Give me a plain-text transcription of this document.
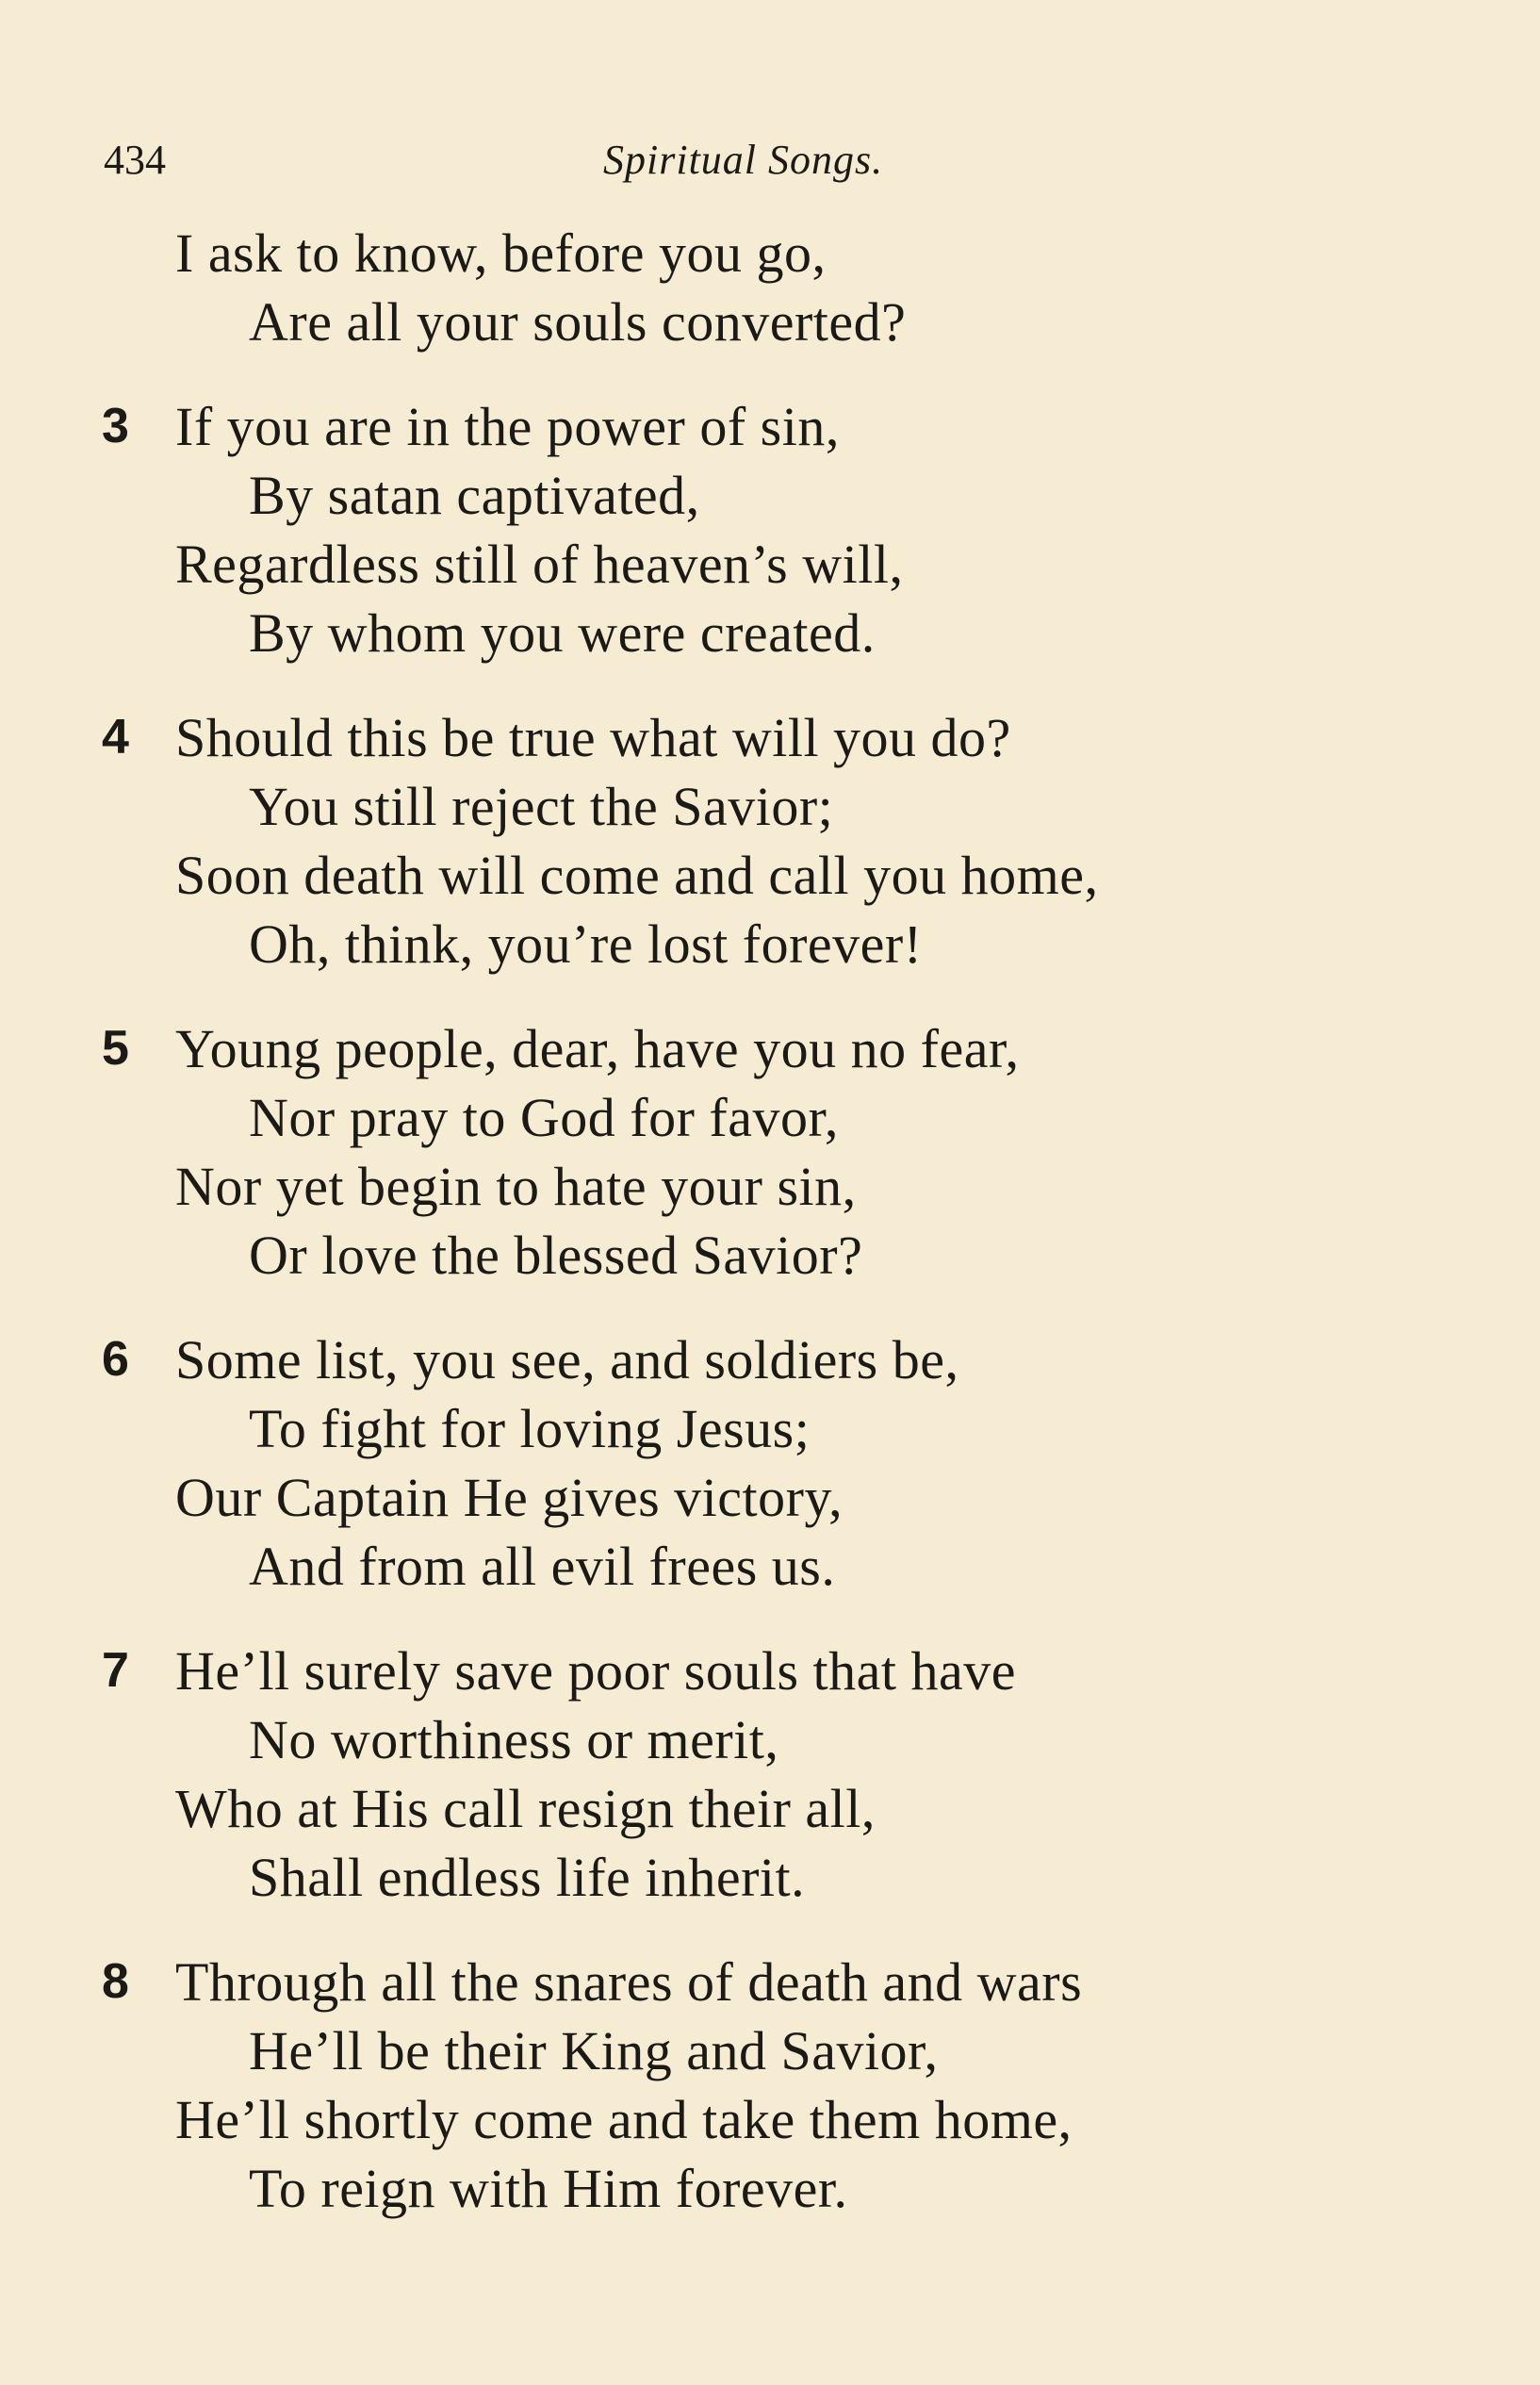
434	Spiritual Songs.
I ask to know, before you go,
Are all your souls converted?
3 If you are in the power of sin,
By satan captivated,
Regardless still of heaven’s will,
By whom you were created.
4 Should this be true what will you do?
You still reject the Savior;
Soon death will come and call you home,
Oh, think, you’re lost forever!
5 Young people, dear, have you no fear,
Nor pray to God for favor,
Nor yet begin to hate your sin,
Or love the blessed Savior?
6 Some list, you see, and soldiers be,
To fight for loving Jesus;
Our Captain He gives victory,
And from all evil frees us.
7 He’ll surely save poor souls that have
No worthiness or merit,
Who at His call resign their all,
Shall endless life inherit.
8 Through all the snares of death and wars
He’ll be their King and Savior,
He’ll shortly come and take them home,
To reign with Him forever.
